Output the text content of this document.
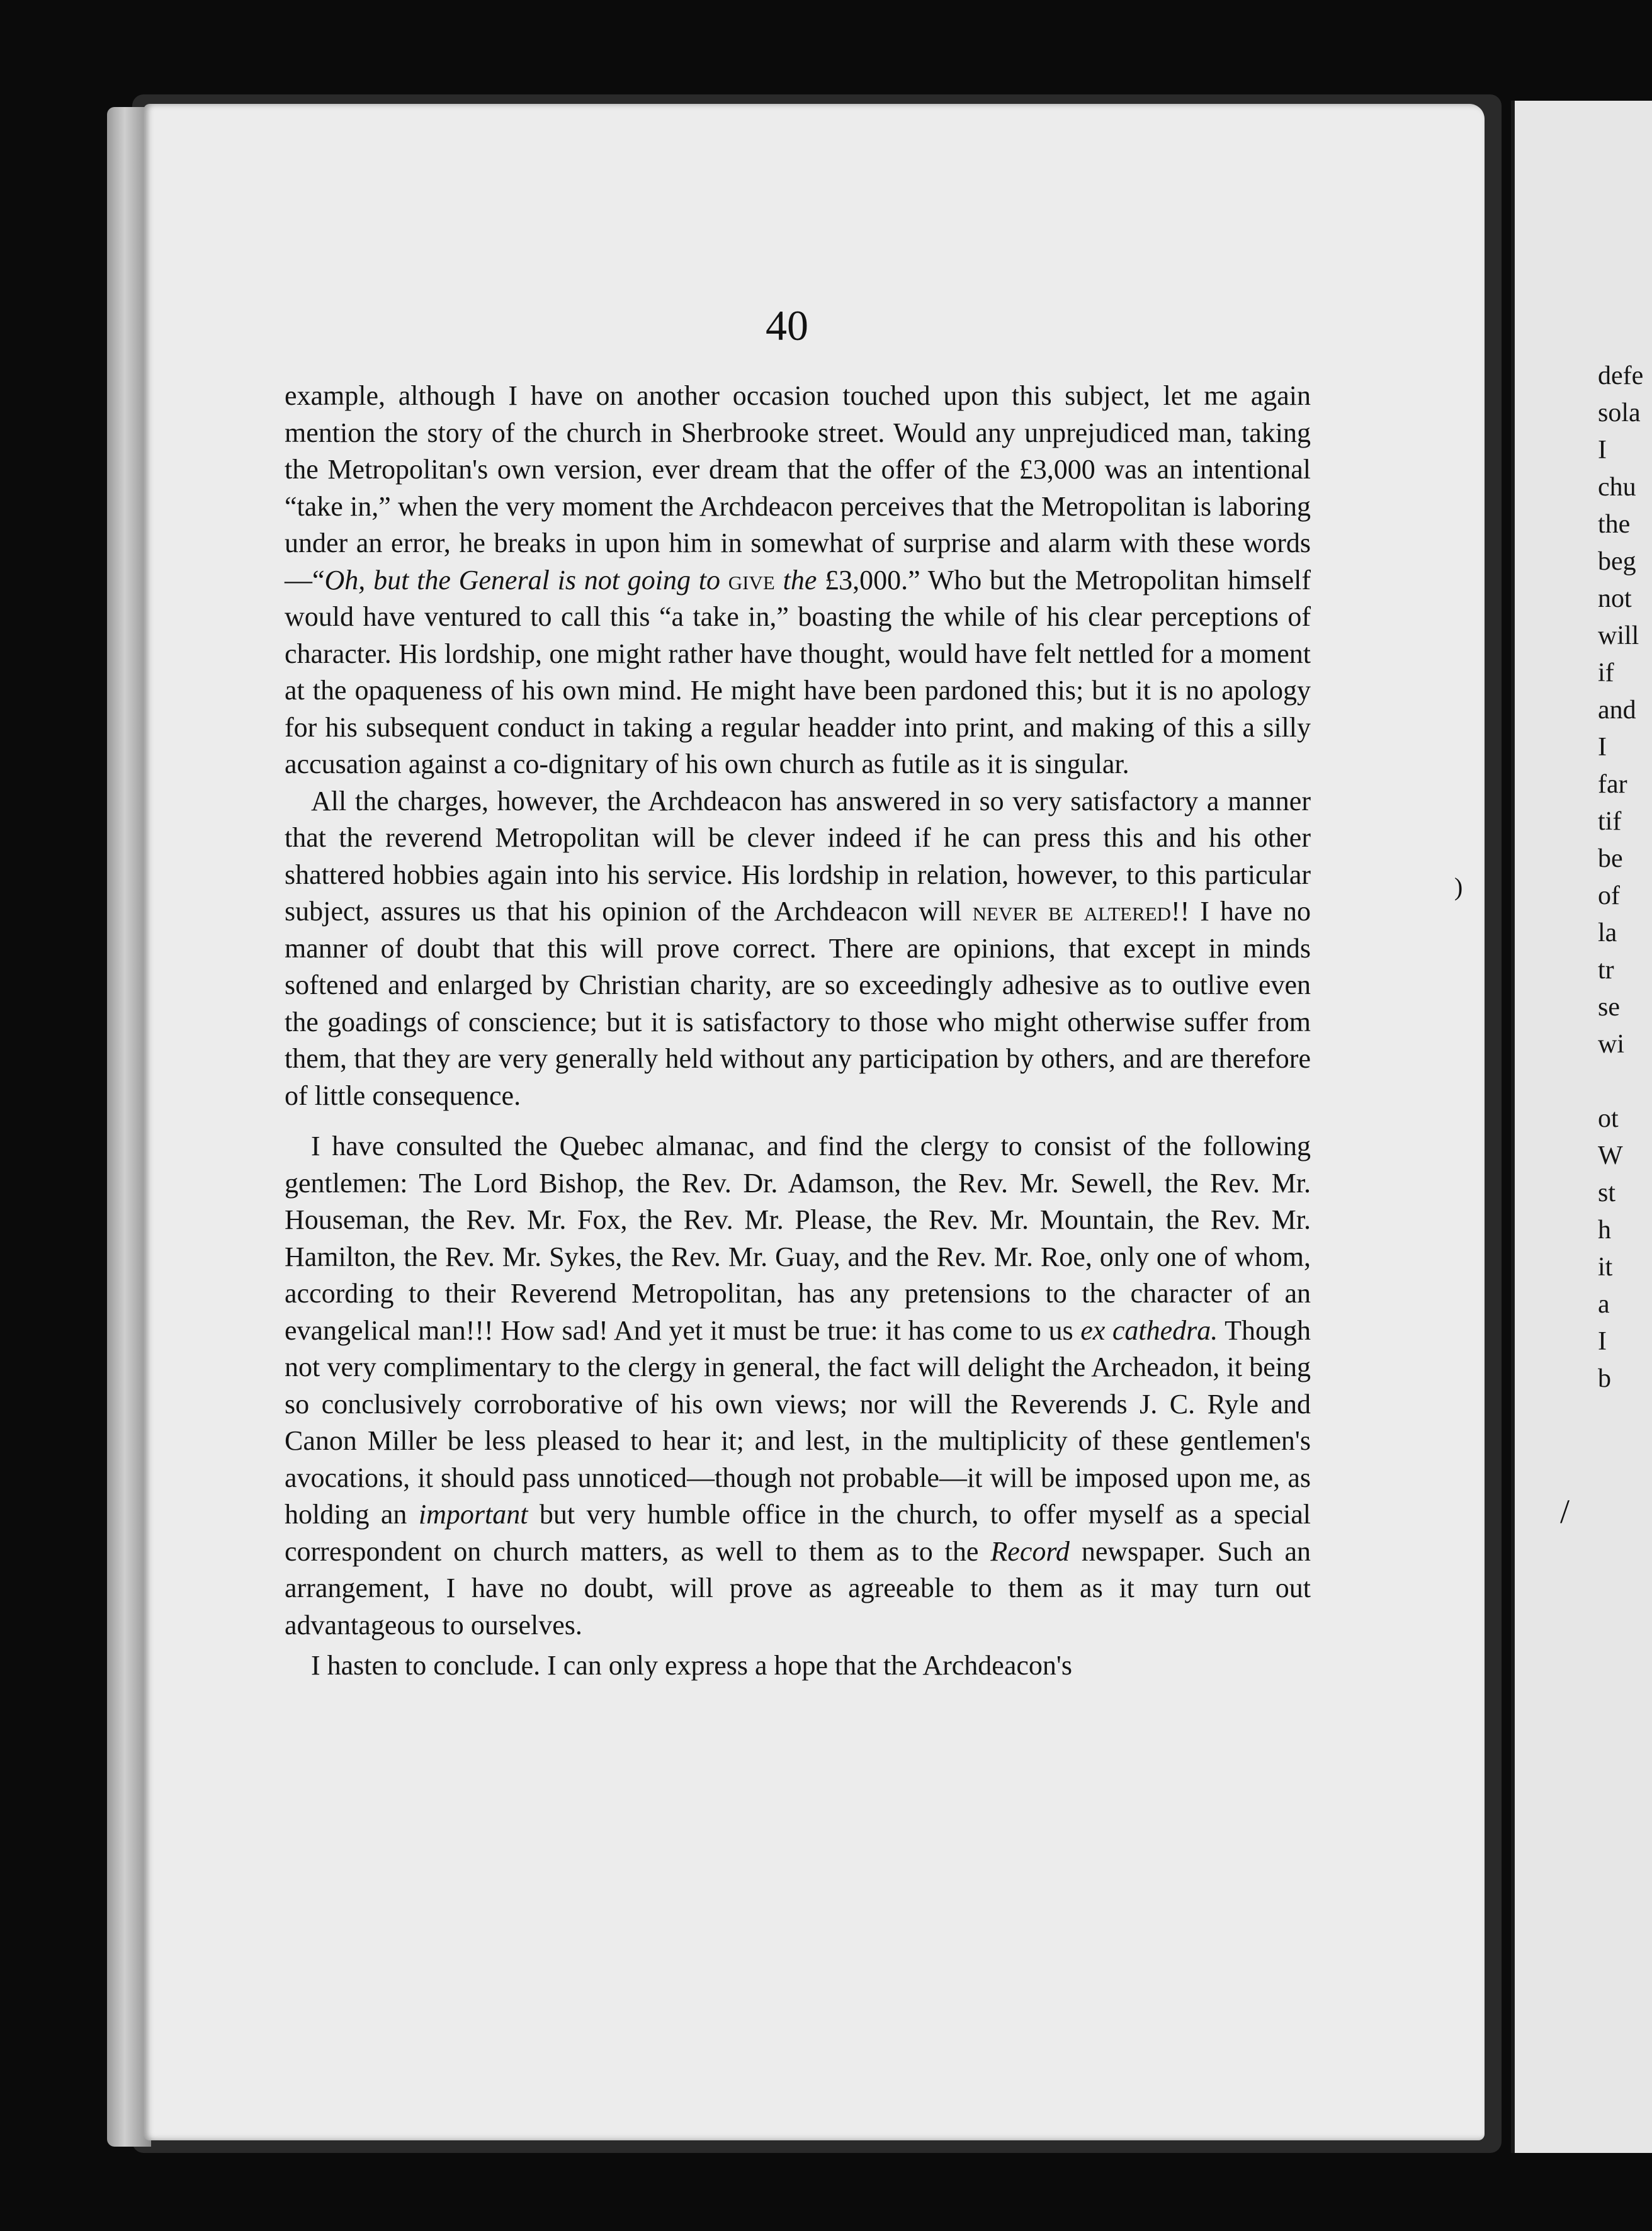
40

example, although I have on another occasion touched upon this subject, let me again mention the story of the church in Sherbrooke street. Would any unprejudiced man, taking the Metropolitan's own version, ever dream that the offer of the £3,000 was an intentional “take in,” when the very moment the Archdeacon perceives that the Metropolitan is laboring under an error, he breaks in upon him in somewhat of surprise and alarm with these words—“Oh, but the General is not going to give the £3,000.” Who but the Metropolitan himself would have ventured to call this “a take in,” boasting the while of his clear perceptions of character. His lordship, one might rather have thought, would have felt nettled for a moment at the opaqueness of his own mind. He might have been pardoned this; but it is no apology for his subsequent conduct in taking a regular headder into print, and making of this a silly accusation against a co-dignitary of his own church as futile as it is singular.

All the charges, however, the Archdeacon has answered in so very satisfactory a manner that the reverend Metropolitan will be clever indeed if he can press this and his other shattered hobbies again into his service. His lordship in relation, however, to this particular subject, assures us that his opinion of the Archdeacon will never be altered!! I have no manner of doubt that this will prove correct. There are opinions, that except in minds softened and enlarged by Christian charity, are so exceedingly adhesive as to outlive even the goadings of conscience; but it is satisfactory to those who might otherwise suffer from them, that they are very generally held without any participation by others, and are therefore of little consequence.

I have consulted the Quebec almanac, and find the clergy to consist of the following gentlemen: The Lord Bishop, the Rev. Dr. Adamson, the Rev. Mr. Sewell, the Rev. Mr. Houseman, the Rev. Mr. Fox, the Rev. Mr. Please, the Rev. Mr. Mountain, the Rev. Mr. Hamilton, the Rev. Mr. Sykes, the Rev. Mr. Guay, and the Rev. Mr. Roe, only one of whom, according to their Reverend Metropolitan, has any pretensions to the character of an evangelical man!!! How sad! And yet it must be true: it has come to us ex cathedra. Though not very complimentary to the clergy in general, the fact will delight the Archeadon, it being so conclusively corroborative of his own views; nor will the Reverends J. C. Ryle and Canon Miller be less pleased to hear it; and lest, in the multiplicity of these gentlemen's avocations, it should pass unnoticed—though not probable—it will be imposed upon me, as holding an important but very humble office in the church, to offer myself as a special correspondent on church matters, as well to them as to the Record newspaper. Such an arrangement, I have no doubt, will prove as agreeable to them as it may turn out advantageous to ourselves.

I hasten to conclude. I can only express a hope that the Archdeacon's

defe
sola
I
chu
the
beg
not
will
if
and
I
far
tif
be
of
la
tr
se
wi

ot
W
st
h
it
a
I
b
)
/
